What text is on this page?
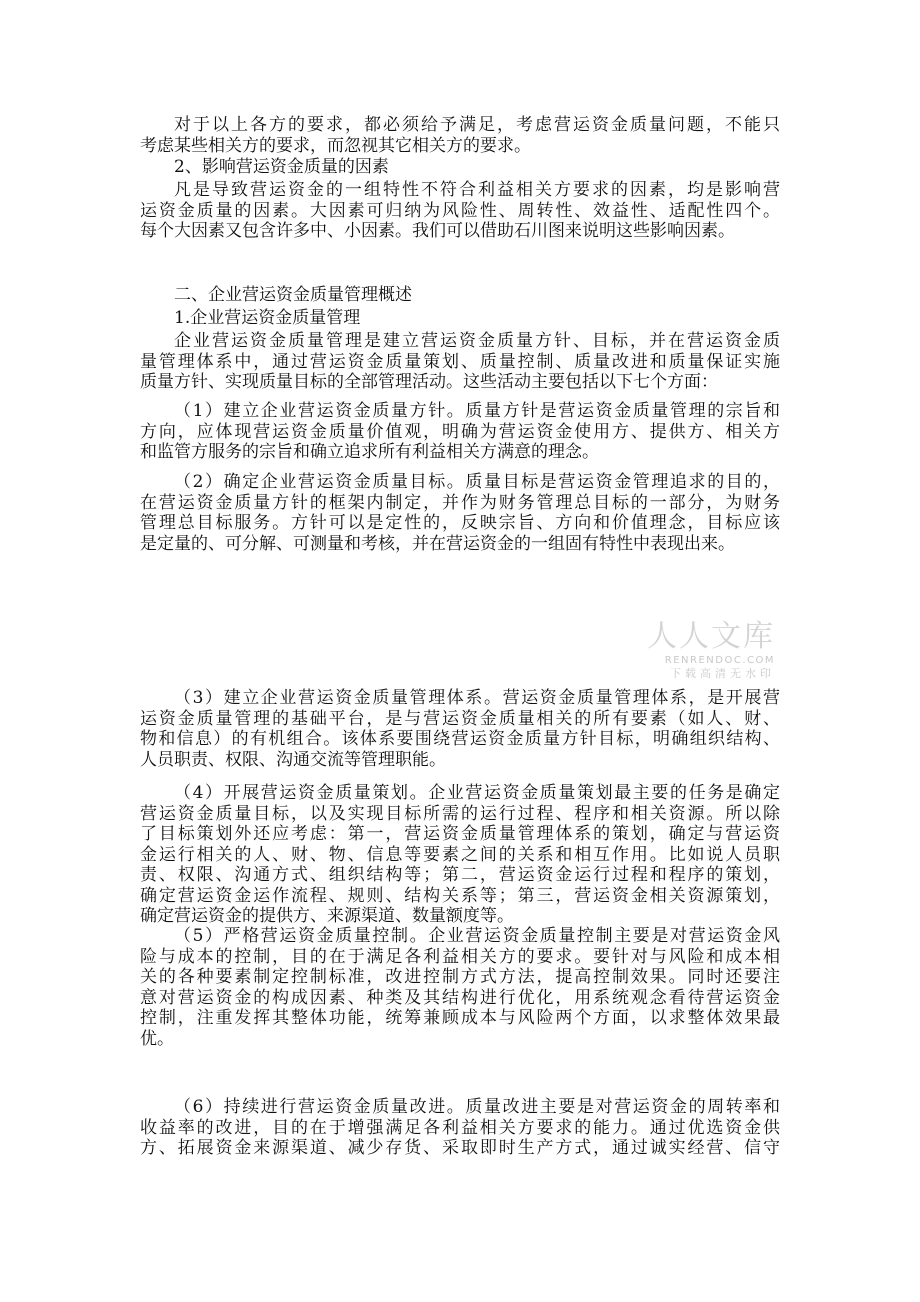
对于以上各方的要求，都必须给予满足，考虑营运资金质量问题，不能只
考虑某些相关方的要求，而忽视其它相关方的要求。
2、影响营运资金质量的因素
凡是导致营运资金的一组特性不符合利益相关方要求的因素，均是影响营
运资金质量的因素。大因素可归纳为风险性、周转性、效益性、适配性四个。
每个大因素又包含许多中、小因素。我们可以借助石川图来说明这些影响因素。
二、企业营运资金质量管理概述
1.企业营运资金质量管理
企业营运资金质量管理是建立营运资金质量方针、目标，并在营运资金质
量管理体系中，通过营运资金质量策划、质量控制、质量改进和质量保证实施
质量方针、实现质量目标的全部管理活动。这些活动主要包括以下七个方面：
（1）建立企业营运资金质量方针。质量方针是营运资金质量管理的宗旨和
方向，应体现营运资金质量价值观，明确为营运资金使用方、提供方、相关方
和监管方服务的宗旨和确立追求所有利益相关方满意的理念。
（2）确定企业营运资金质量目标。质量目标是营运资金管理追求的目的，
在营运资金质量方针的框架内制定，并作为财务管理总目标的一部分，为财务
管理总目标服务。方针可以是定性的，反映宗旨、方向和价值理念，目标应该
是定量的、可分解、可测量和考核，并在营运资金的一组固有特性中表现出来。
人人文库
RENRENDOC.COM
下载高清无水印
（3）建立企业营运资金质量管理体系。营运资金质量管理体系，是开展营
运资金质量管理的基础平台，是与营运资金质量相关的所有要素（如人、财、
物和信息）的有机组合。该体系要围绕营运资金质量方针目标，明确组织结构、
人员职责、权限、沟通交流等管理职能。
（4）开展营运资金质量策划。企业营运资金质量策划最主要的任务是确定
营运资金质量目标，以及实现目标所需的运行过程、程序和相关资源。所以除
了目标策划外还应考虑：第一，营运资金质量管理体系的策划，确定与营运资
金运行相关的人、财、物、信息等要素之间的关系和相互作用。比如说人员职
责、权限、沟通方式、组织结构等；第二，营运资金运行过程和程序的策划，
确定营运资金运作流程、规则、结构关系等；第三，营运资金相关资源策划，
确定营运资金的提供方、来源渠道、数量额度等。
（5）严格营运资金质量控制。企业营运资金质量控制主要是对营运资金风
险与成本的控制，目的在于满足各利益相关方的要求。要针对与风险和成本相
关的各种要素制定控制标准，改进控制方式方法，提高控制效果。同时还要注
意对营运资金的构成因素、种类及其结构进行优化，用系统观念看待营运资金
控制，注重发挥其整体功能，统筹兼顾成本与风险两个方面，以求整体效果最
优。
（6）持续进行营运资金质量改进。质量改进主要是对营运资金的周转率和
收益率的改进，目的在于增强满足各利益相关方要求的能力。通过优选资金供
方、拓展资金来源渠道、减少存货、采取即时生产方式，通过诚实经营、信守
